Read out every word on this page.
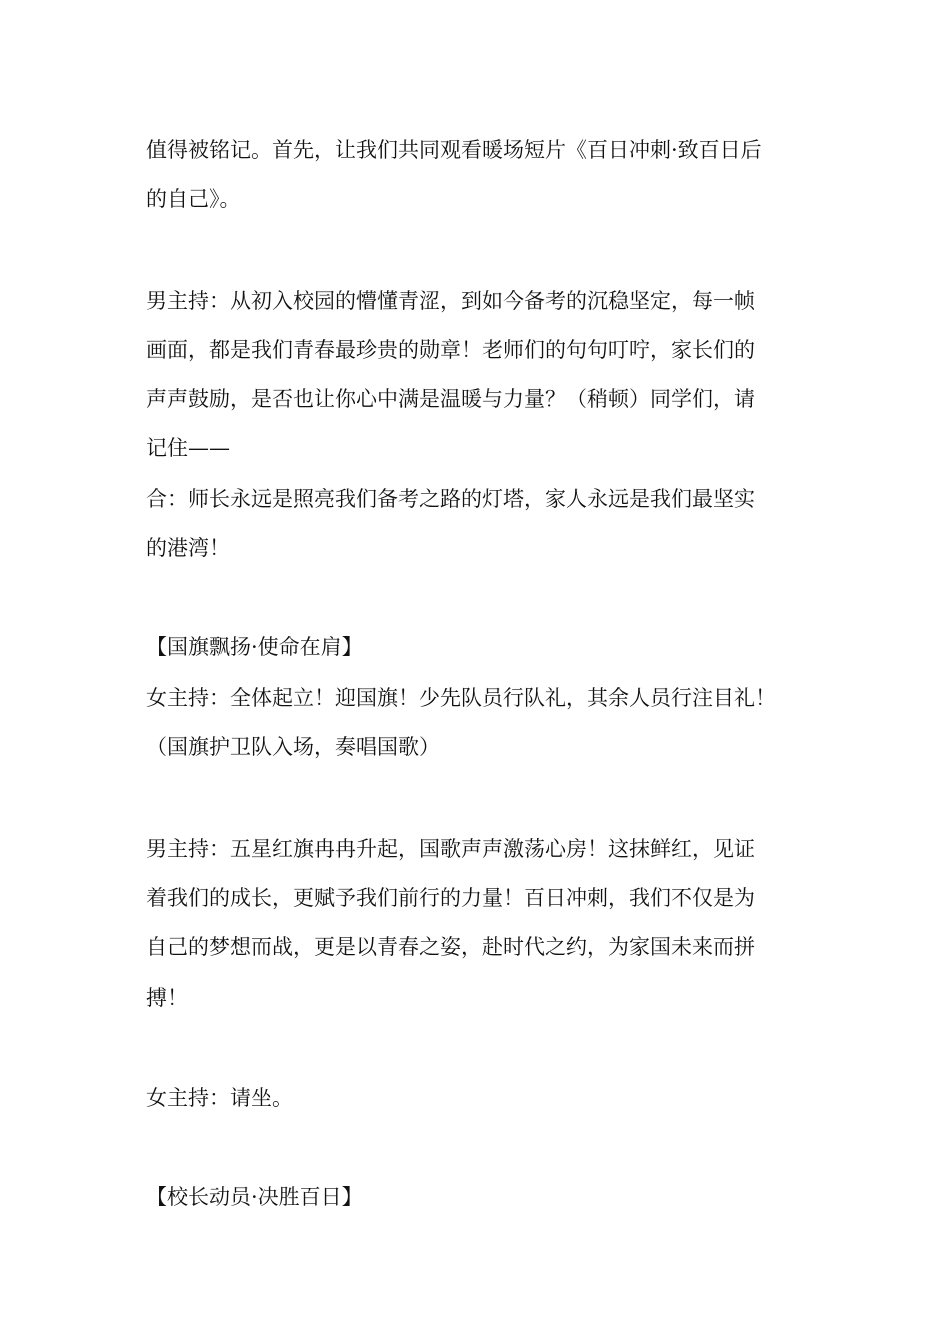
值得被铭记。首先，让我们共同观看暖场短片《百日冲刺·致百日后
的自己》。
男主持：从初入校园的懵懂青涩，到如今备考的沉稳坚定，每一帧
画面，都是我们青春最珍贵的勋章！老师们的句句叮咛，家长们的
声声鼓励，是否也让你心中满是温暖与力量？（稍顿）同学们，请
记住——
合：师长永远是照亮我们备考之路的灯塔，家人永远是我们最坚实
的港湾！
【国旗飘扬·使命在肩】
女主持：全体起立！迎国旗！少先队员行队礼，其余人员行注目礼！
（国旗护卫队入场，奏唱国歌）
男主持：五星红旗冉冉升起，国歌声声激荡心房！这抹鲜红，见证
着我们的成长，更赋予我们前行的力量！百日冲刺，我们不仅是为
自己的梦想而战，更是以青春之姿，赴时代之约，为家国未来而拼
搏！
女主持：请坐。
【校长动员·决胜百日】
